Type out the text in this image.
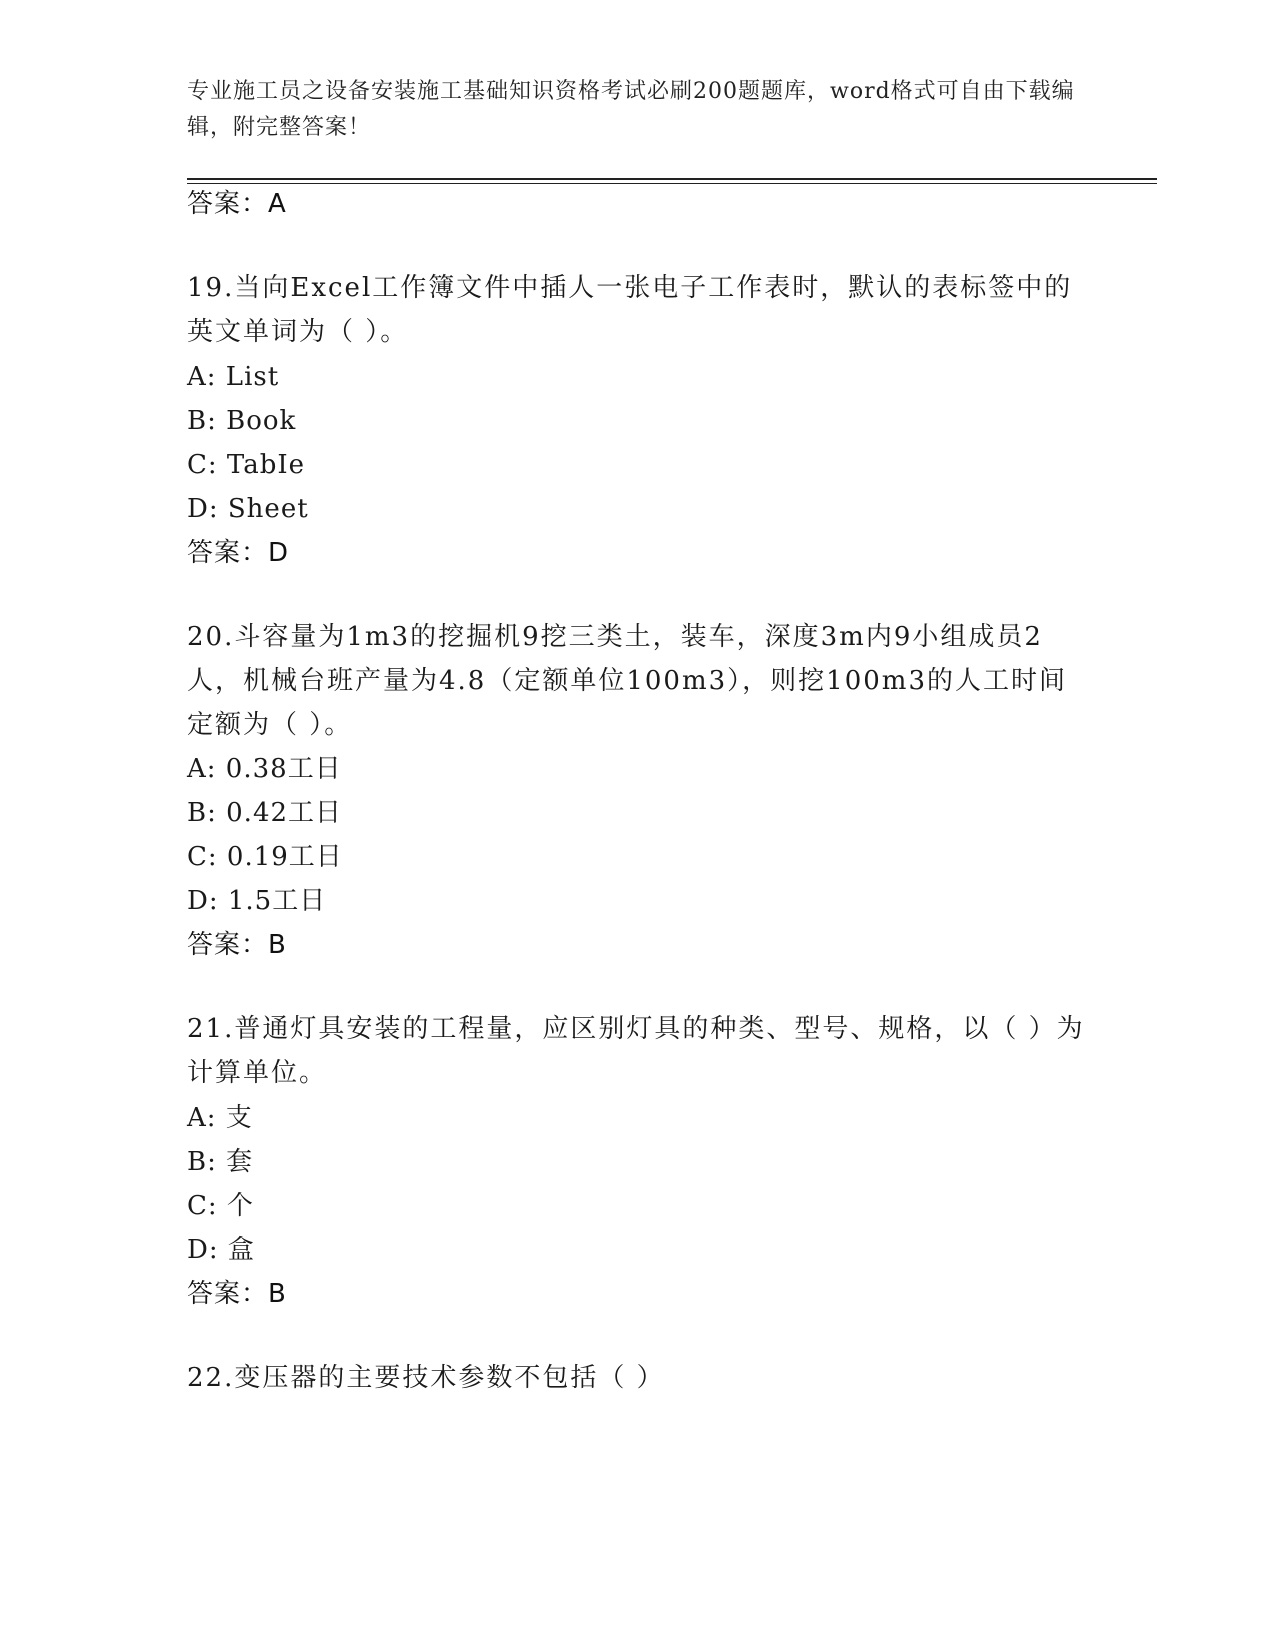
专业施工员之设备安装施工基础知识资格考试必刷200题题库，word格式可自由下载编辑，附完整答案！
答案：A
19.当向Excel工作簿文件中插人一张电子工作表时，默认的表标签中的英文单词为（ ）。
A: List
B: Book
C: TabIe
D: Sheet
答案：D
20.斗容量为1m3的挖掘机9挖三类土，装车，深度3m内9小组成员2人，机械台班产量为4.8（定额单位100m3），则挖100m3的人工时间定额为（ ）。
A: 0.38工日
B: 0.42工日
C: 0.19工日
D: 1.5工日
答案：B
21.普通灯具安装的工程量，应区别灯具的种类、型号、规格，以（ ）为计算单位。
A: 支
B: 套
C: 个
D: 盒
答案：B
22.变压器的主要技术参数不包括（ ）
